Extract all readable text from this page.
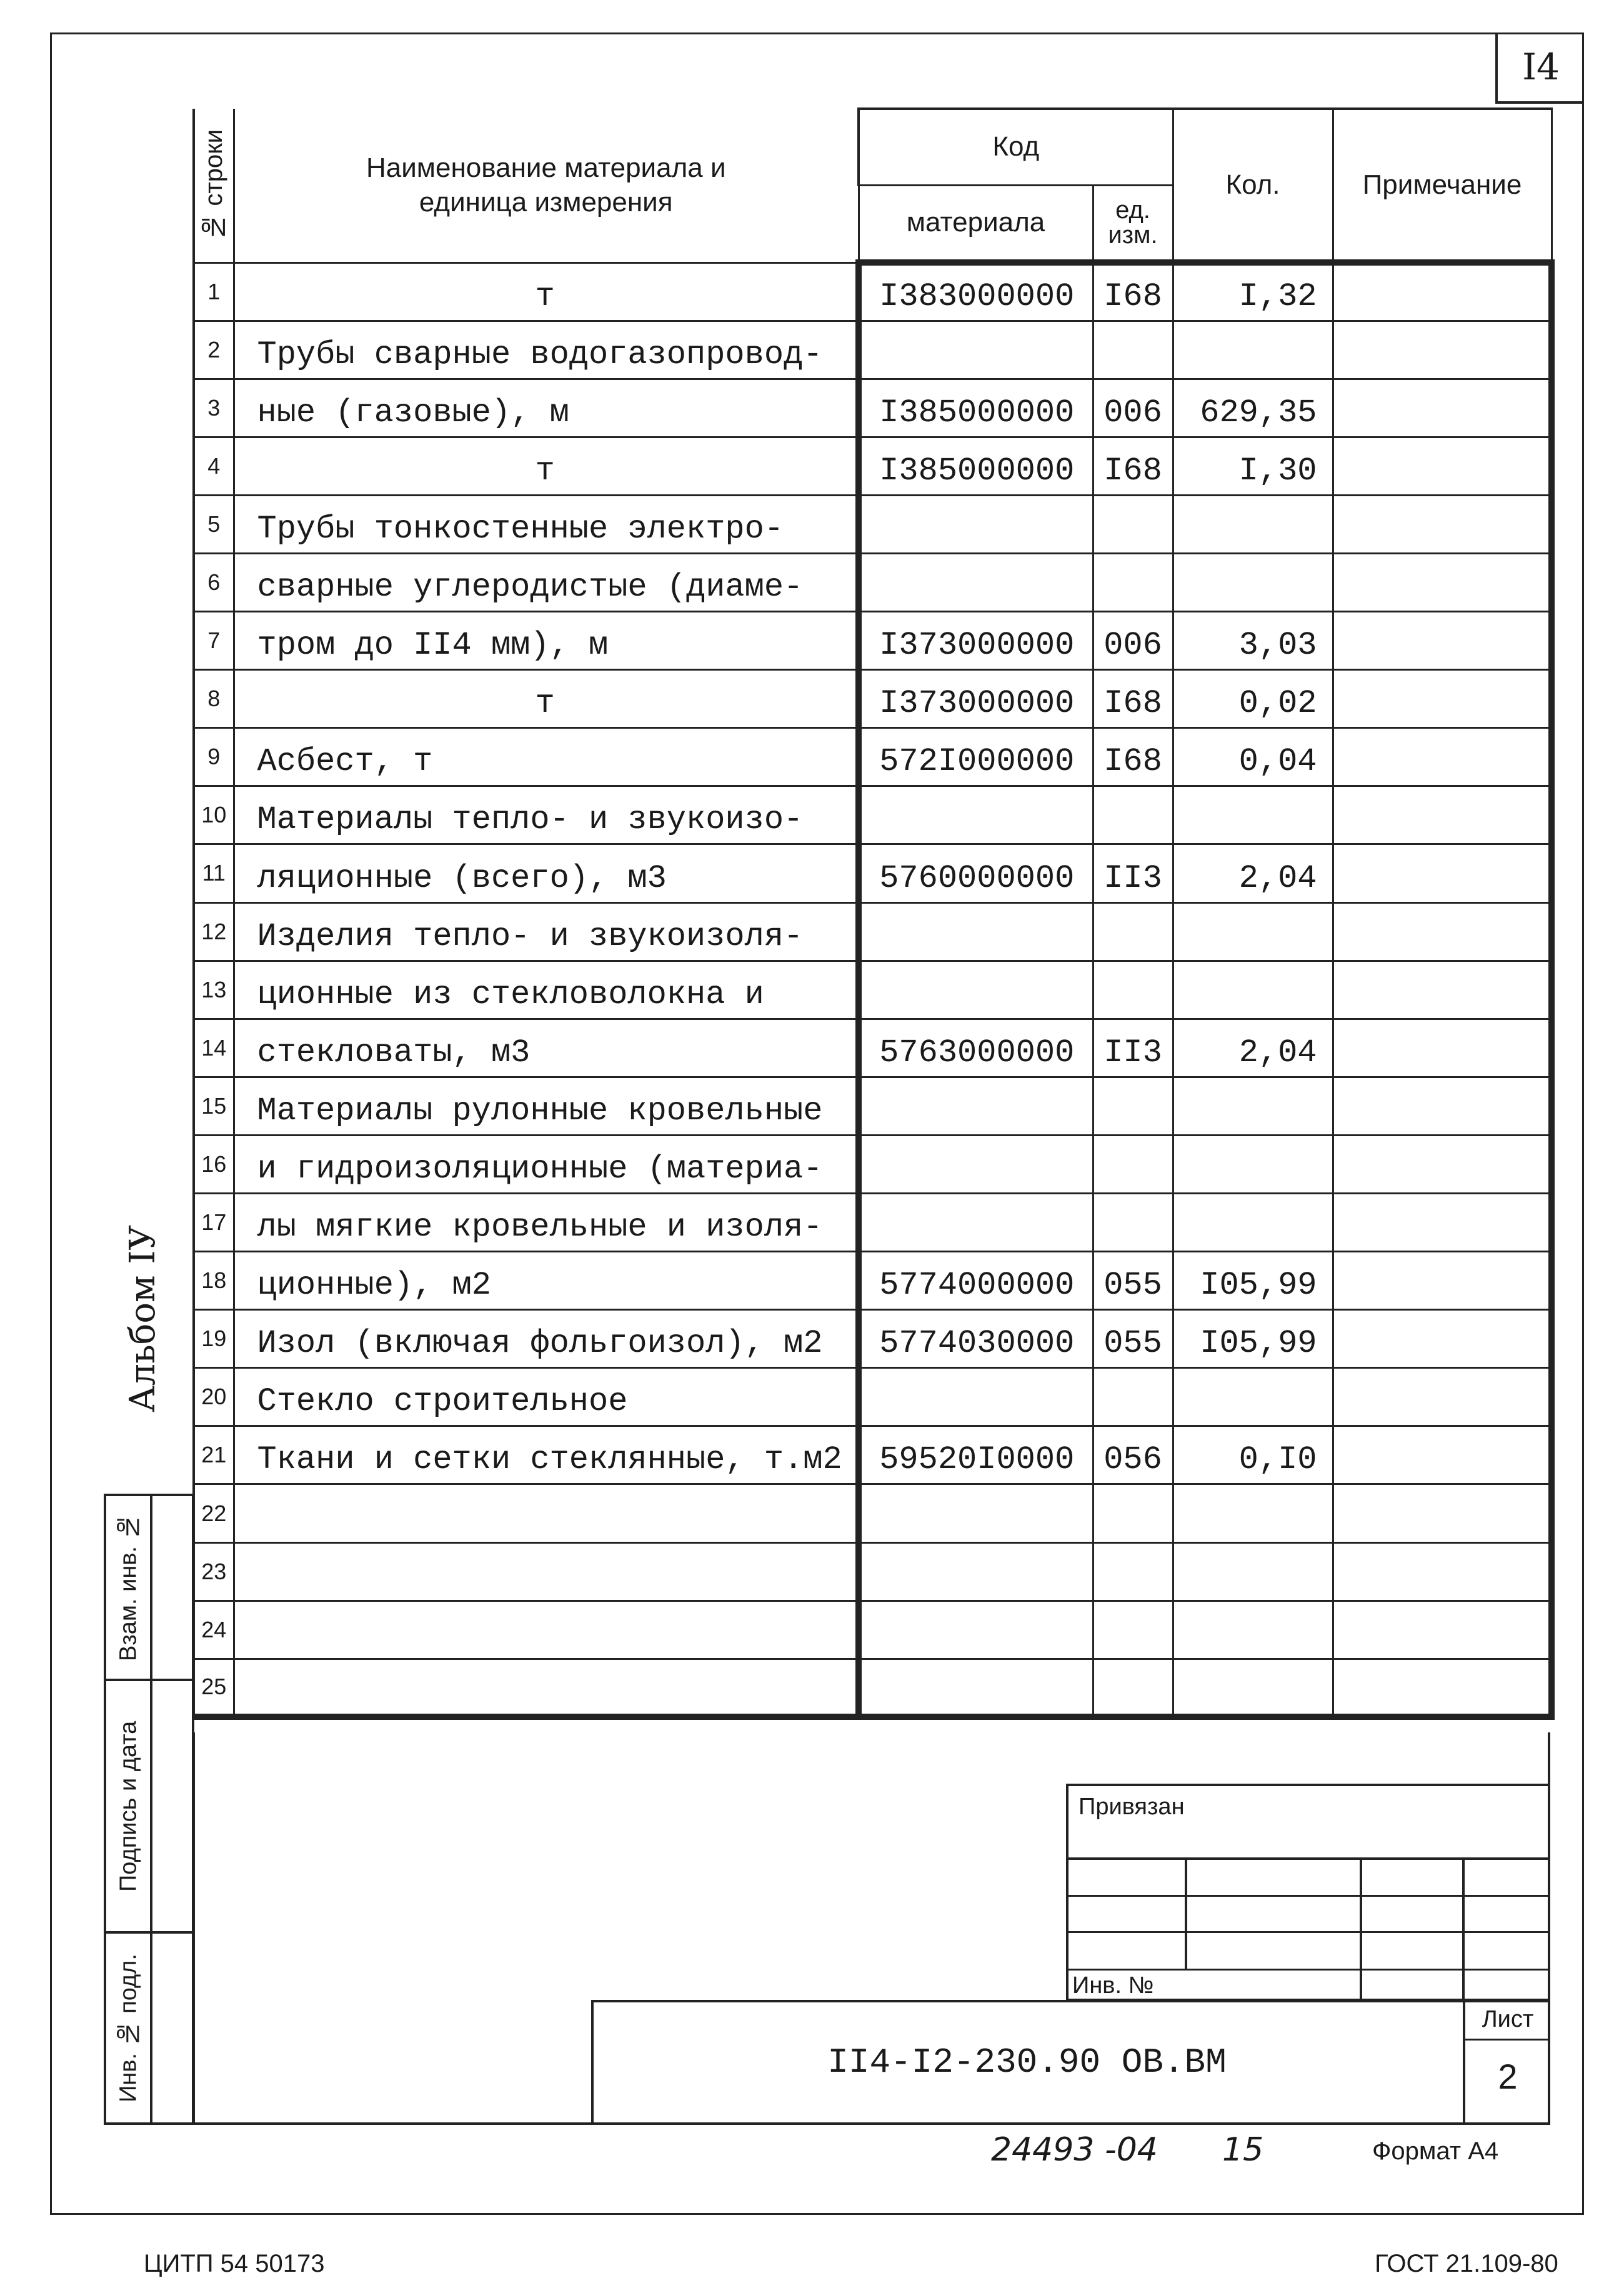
I4
Альбом IУ
№ строки	Наименование материала и
единица измерения	Код		Кол.	Примечание
		материала	ед.
изм.		

1	т	I383000000	I68	I,32	
2	Трубы сварные водогазопровод-				
3	ные (газовые), м	I385000000	006	629,35	
4	т	I385000000	I68	I,30	
5	Трубы тонкостенные электро-				
6	сварные углеродистые (диаме-				
7	тром до II4 мм), м	I373000000	006	3,03	
8	т	I373000000	I68	0,02	
9	Асбест, т	572I000000	I68	0,04	
10	Материалы тепло- и звукоизо-				
11	ляционные (всего), м3	5760000000	II3	2,04	
12	Изделия тепло- и звукоизоля-				
13	ционные из стекловолокна и				
14	стекловаты, м3	5763000000	II3	2,04	
15	Материалы рулонные кровельные				
16	и гидроизоляционные (материа-				
17	лы мягкие кровельные и изоля-				
18	ционные), м2	5774000000	055	I05,99	
19	Изол (включая фольгоизол), м2	5774030000	055	I05,99	
20	Стекло строительное				
21	Ткани и сетки стеклянные, т.м2	59520I0000	056	0,I0	
22					
23					
24					
25					
Взам. инв. №
Подпись и дата
Инв. № подл.
Привязан
Инв. №
II4-I2-230.90 ОВ.ВМ
Лист
2
24493 -04 15	Формат А4
ЦИТП 54 50173	ГОСТ 21.109-80
